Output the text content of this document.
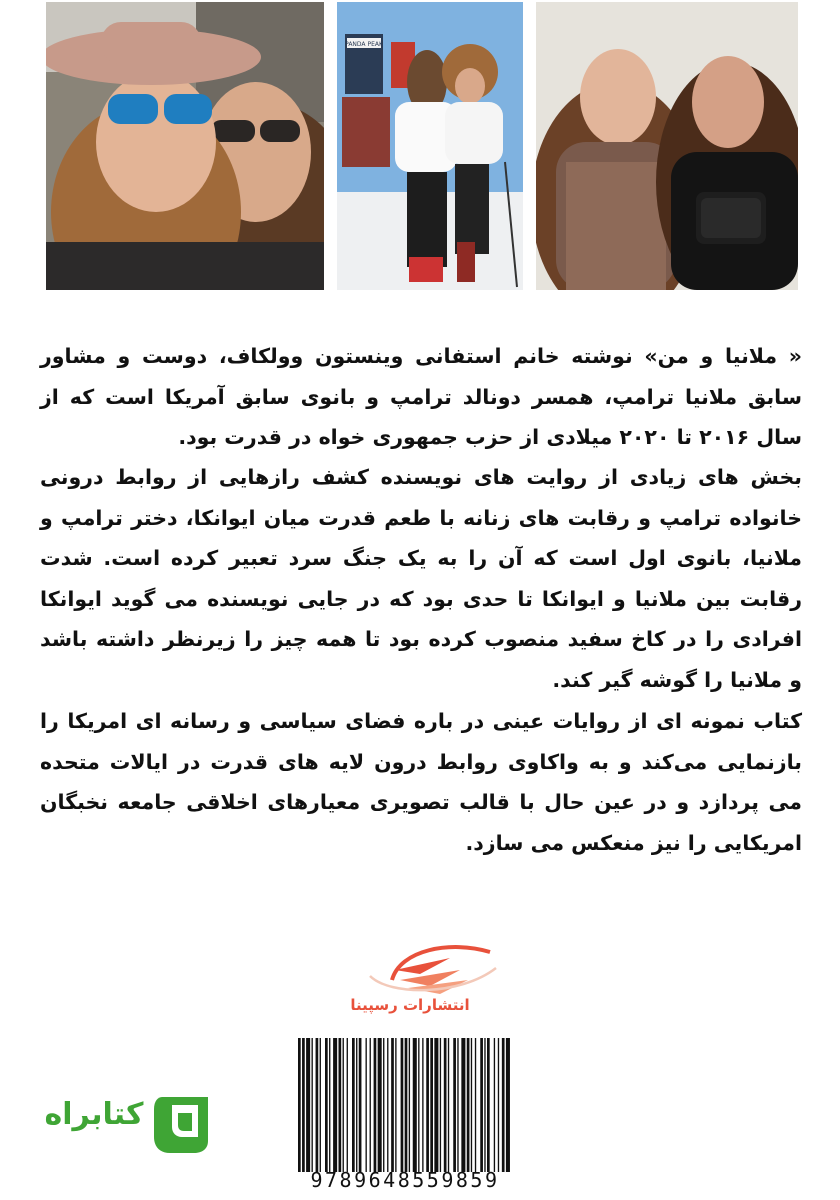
PANDA PEAK

« ملانیا و من» نوشته خانم استفانی وینستون وولکاف، دوست و مشاور سابق ملانیا ترامپ، همسر دونالد ترامپ و بانوی سابق آمریکا است که از سال ۲۰۱۶ تا ۲۰۲۰ میلادی از حزب جمهوری خواه در قدرت بود.

بخش های زیادی از روایت های نویسنده کشف رازهایی از روابط درونی خانواده ترامپ و رقابت های زنانه با طعم قدرت میان ایوانکا، دختر ترامپ و ملانیا، بانوی اول است که آن را به یک جنگ سرد تعبیر کرده است. شدت رقابت بین ملانیا و ایوانکا تا حدی بود که در جایی نویسنده می گوید ایوانکا افرادی را در کاخ سفید منصوب کرده بود تا همه چیز را زیرنظر داشته باشد و ملانیا را گوشه گیر کند.

کتاب نمونه ای از روایات عینی در باره فضای سیاسی و رسانه ای امریکا را بازنمایی می‌کند و به واکاوی روابط درون لایه های قدرت در ایالات متحده می پردازد و در عین حال با قالب تصویری معیارهای اخلاقی جامعه نخبگان امریکایی را نیز منعکس می سازد.

انتشارات رسپینا
9789648559859
کتابراه
